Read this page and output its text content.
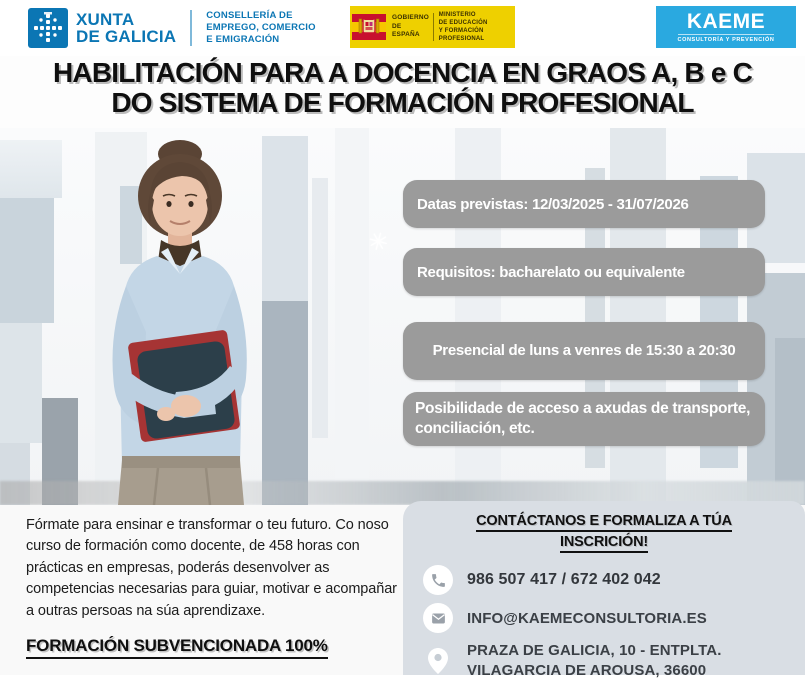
XUNTA
DE GALICIA
CONSELLERÍA DE
EMPREGO, COMERCIO
E EMIGRACIÓN
GOBIERNO
DE ESPAÑA
MINISTERIO
DE EDUCACIÓN
Y FORMACIÓN PROFESIONAL
KAEME
CONSULTORÍA Y PREVENCIÓN
HABILITACIÓN PARA A DOCENCIA EN GRAOS A, B e C
DO SISTEMA DE FORMACIÓN PROFESIONAL
✳
Datas previstas: 12/03/2025 - 31/07/2026
Requisitos: bacharelato ou equivalente
Presencial de luns a venres de 15:30 a 20:30
Posibilidade de acceso a axudas de transporte, conciliación, etc.

Fórmate para ensinar e transformar o teu futuro. Co noso curso de formación como docente, de 458 horas con prácticas en empresas, poderás desenvolver as competencias necesarias para guiar, motivar e acompañar a outras persoas na súa aprendizaxe.

FORMACIÓN SUBVENCIONADA 100%
CONTÁCTANOS E FORMALIZA A TÚA
INSCRICIÓN!
986 507 417 / 672 402 042
INFO@KAEMECONSULTORIA.ES
PRAZA DE GALICIA, 10 - ENTPLTA.
VILAGARCIA DE AROUSA, 36600
